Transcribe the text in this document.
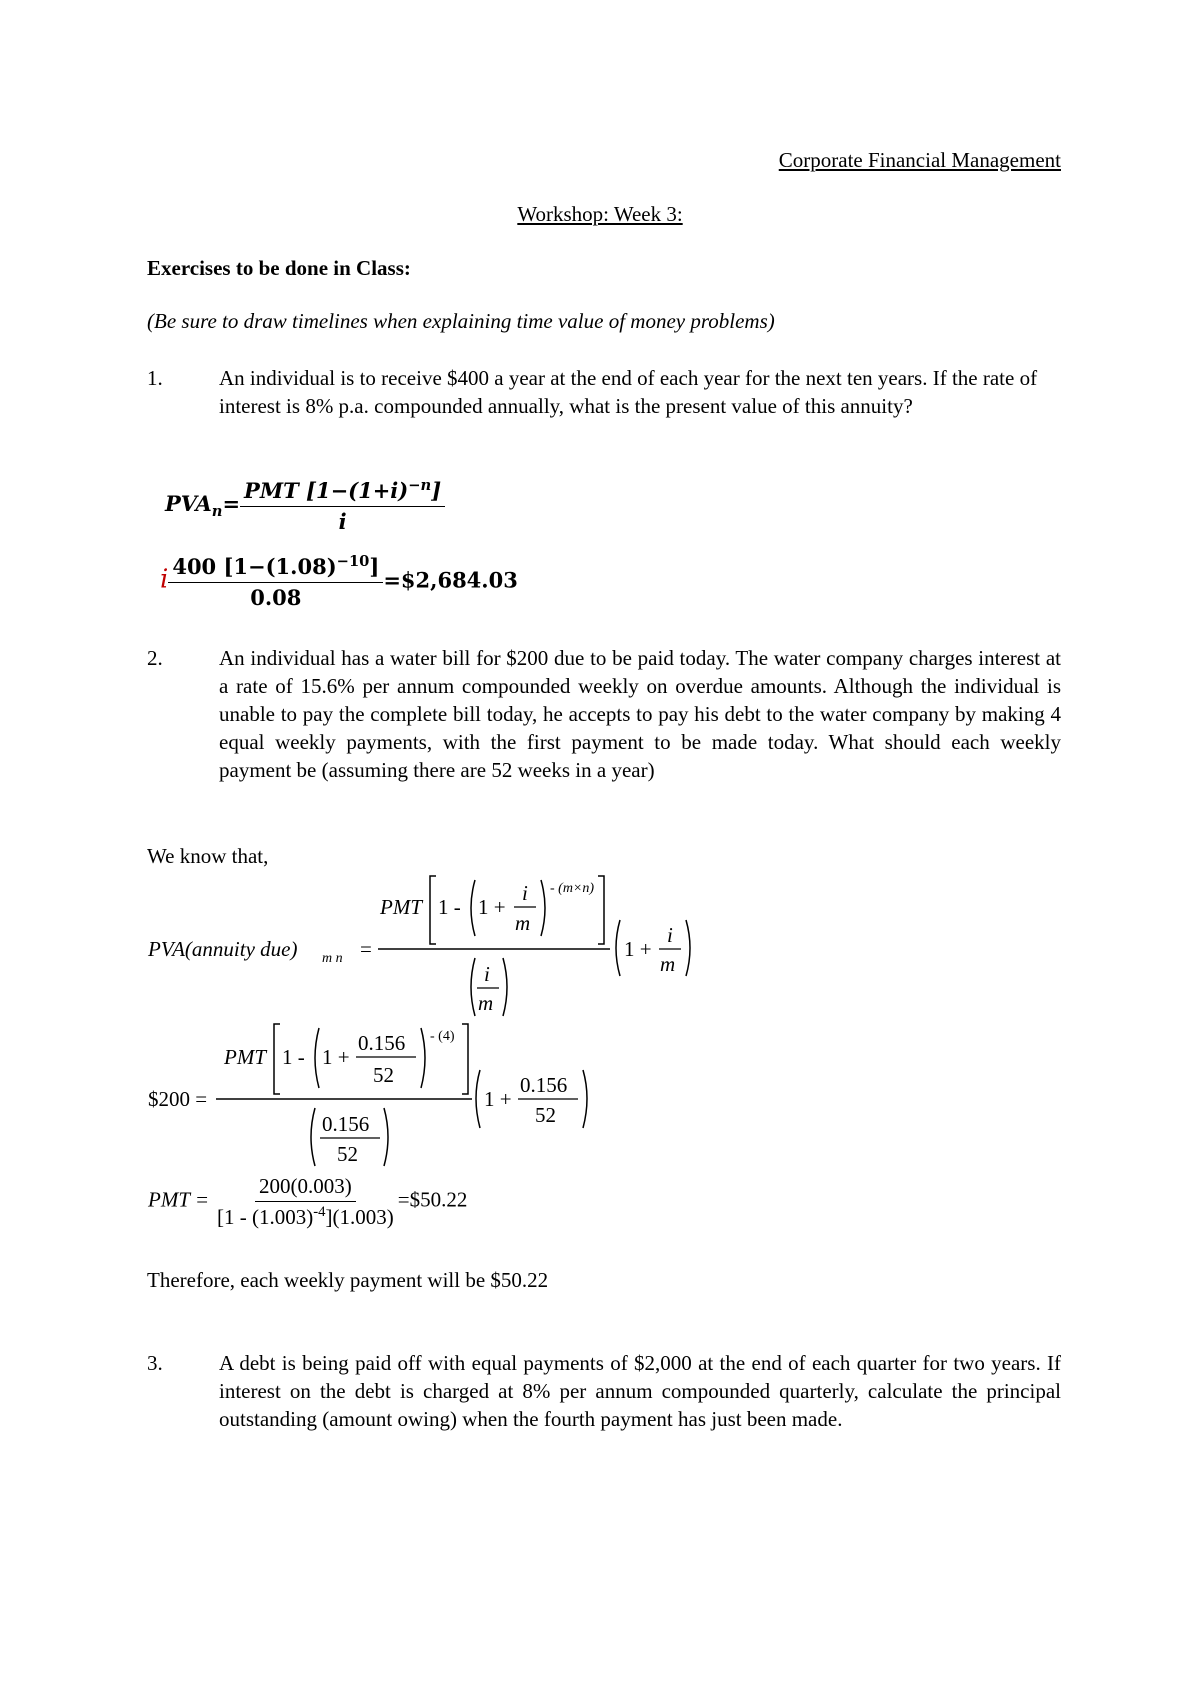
Corporate Financial Management
Workshop: Week 3:
Exercises to be done in Class:
(Be sure to draw timelines when explaining time value of money problems)
1.	An individual is to receive $400 a year at the end of each year for the next ten years. If the rate of interest is 8% p.a. compounded annually, what is the present value of this annuity?
$PVA_n= \frac{PMT [1-(1+i)^{-n}]}{i}$
i $\frac{400 [1-(1.08)^{-10}]}{0.08}$ =$2,684.03
2.	An individual has a water bill for $200 due to be paid today. The water company charges interest at a rate of 15.6% per annum compounded weekly on overdue amounts. Although the individual is unable to pay the complete bill today, he accepts to pay his debt to the water company by making 4 equal weekly payments, with the first payment to be made today. What should each weekly payment be (assuming there are 52 weeks in a year)
We know that,
PVA(annuity due) m n =
PMT 1 - 1 +
i
m
- (m×n)
i
m
1 +
i
m
$200 =
PMT 1 - 1 +
0.156
52
- (4)
0.156
52
1 +
0.156
52
PMT = $\frac{200(0.003)}{[1 - (1.003)^{-4}](1.003)}$ =$50.22
Therefore, each weekly payment will be $50.22
3.	A debt is being paid off with equal payments of $2,000 at the end of each quarter for two years. If interest on the debt is charged at 8% per annum compounded quarterly, calculate the principal outstanding (amount owing) when the fourth payment has just been made.
